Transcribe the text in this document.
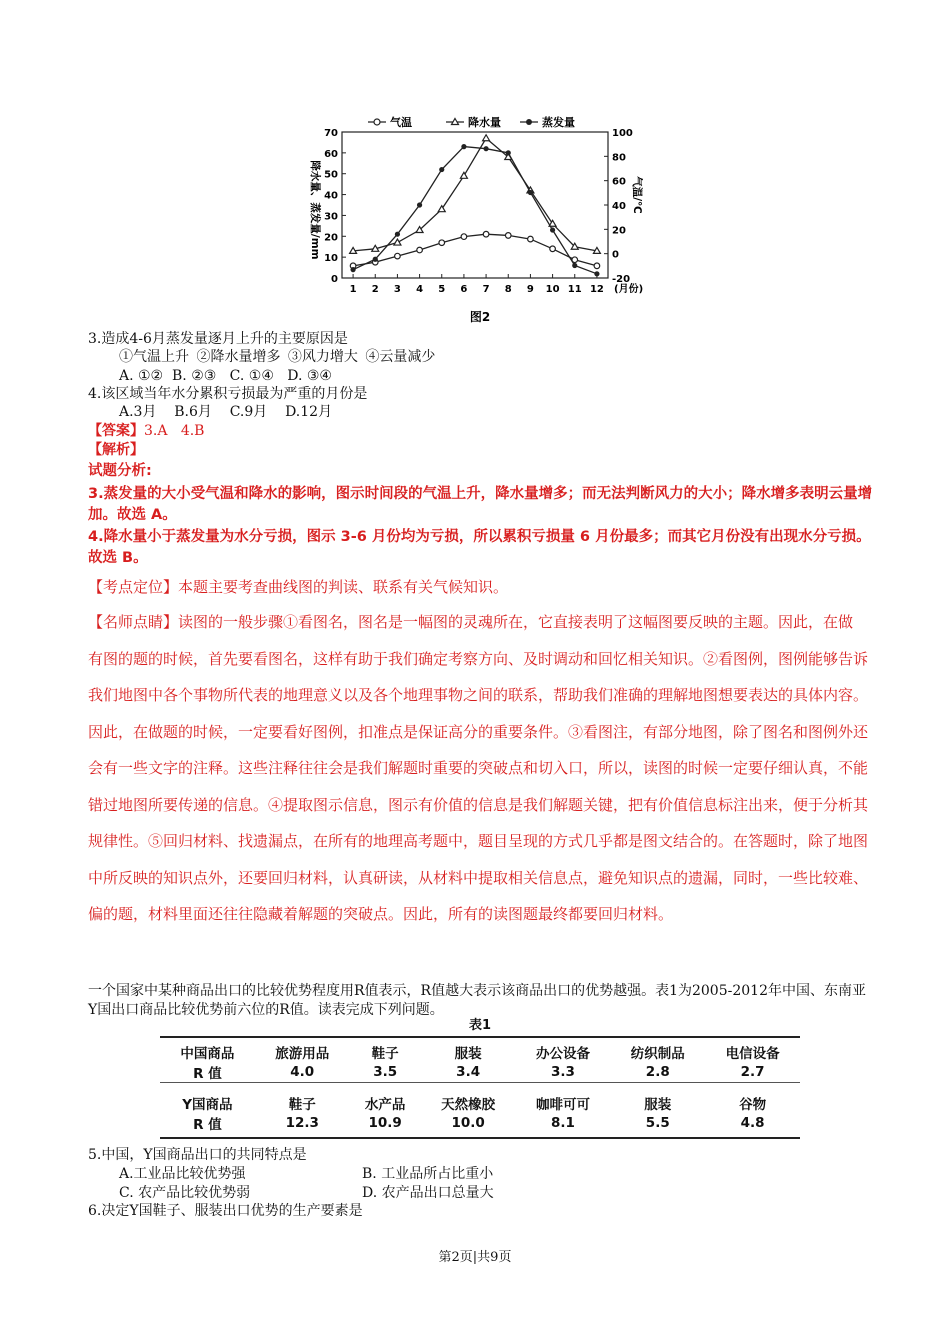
气温	降水量	蒸发量
降水量、蒸发量/mm	气温/℃
0
10
20
30
40
50
60
70
-20
0
20
40
60
80
100
1 2 3 4 5 6 7 8 9 10 11 12 (月份)
图2
3.造成4-6月蒸发量逐月上升的主要原因是
①气温上升 ②降水量增多 ③风力增大 ④云量减少
A. ①②  B. ②③   C. ①④   D. ③④
4.该区域当年水分累积亏损最为严重的月份是
A.3月    B.6月    C.9月    D.12月
【答案】3.A   4.B
【解析】
试题分析:
3.蒸发量的大小受气温和降水的影响，图示时间段的气温上升，降水量增多；而无法判断风力的大小；降水增多表明云量增加。故选 A。
4.降水量小于蒸发量为水分亏损，图示 3-6 月份均为亏损，所以累积亏损量 6 月份最多；而其它月份没有出现水分亏损。故选 B。
【考点定位】本题主要考查曲线图的判读、联系有关气候知识。
【名师点睛】读图的一般步骤①看图名，图名是一幅图的灵魂所在，它直接表明了这幅图要反映的主题。因此，在做有图的题的时候，首先要看图名，这样有助于我们确定考察方向、及时调动和回忆相关知识。②看图例，图例能够告诉我们地图中各个事物所代表的地理意义以及各个地理事物之间的联系，帮助我们准确的理解地图想要表达的具体内容。因此，在做题的时候，一定要看好图例，扣准点是保证高分的重要条件。③看图注，有部分地图，除了图名和图例外还会有一些文字的注释。这些注释往往会是我们解题时重要的突破点和切入口，所以，读图的时候一定要仔细认真，不能错过地图所要传递的信息。④提取图示信息，图示有价值的信息是我们解题关键，把有价值信息标注出来，便于分析其规律性。⑤回归材料、找遗漏点，在所有的地理高考题中，题目呈现的方式几乎都是图文结合的。在答题时，除了地图中所反映的知识点外，还要回归材料，认真研读，从材料中提取相关信息点，避免知识点的遗漏，同时，一些比较难、偏的题，材料里面还往往隐藏着解题的突破点。因此，所有的读图题最终都要回归材料。
一个国家中某种商品出口的比较优势程度用R值表示，R值越大表示该商品出口的优势越强。表1为2005-2012年中国、东南亚Y国出口商品比较优势前六位的R值。读表完成下列问题。
表1
中国商品	旅游用品	鞋子	服装	办公设备	纺织制品	电信设备
R 值	4.0	3.5	3.4	3.3	2.8	2.7

Y国商品	鞋子	水产品	天然橡胶	咖啡可可	服装	谷物
R 值	12.3	10.9	10.0	8.1	5.5	4.8
5.中国，Y国商品出口的共同特点是
A.工业品比较优势强	B. 工业品所占比重小
C. 农产品比较优势弱	D. 农产品出口总量大
6.决定Y国鞋子、服装出口优势的生产要素是
第2页|共9页
